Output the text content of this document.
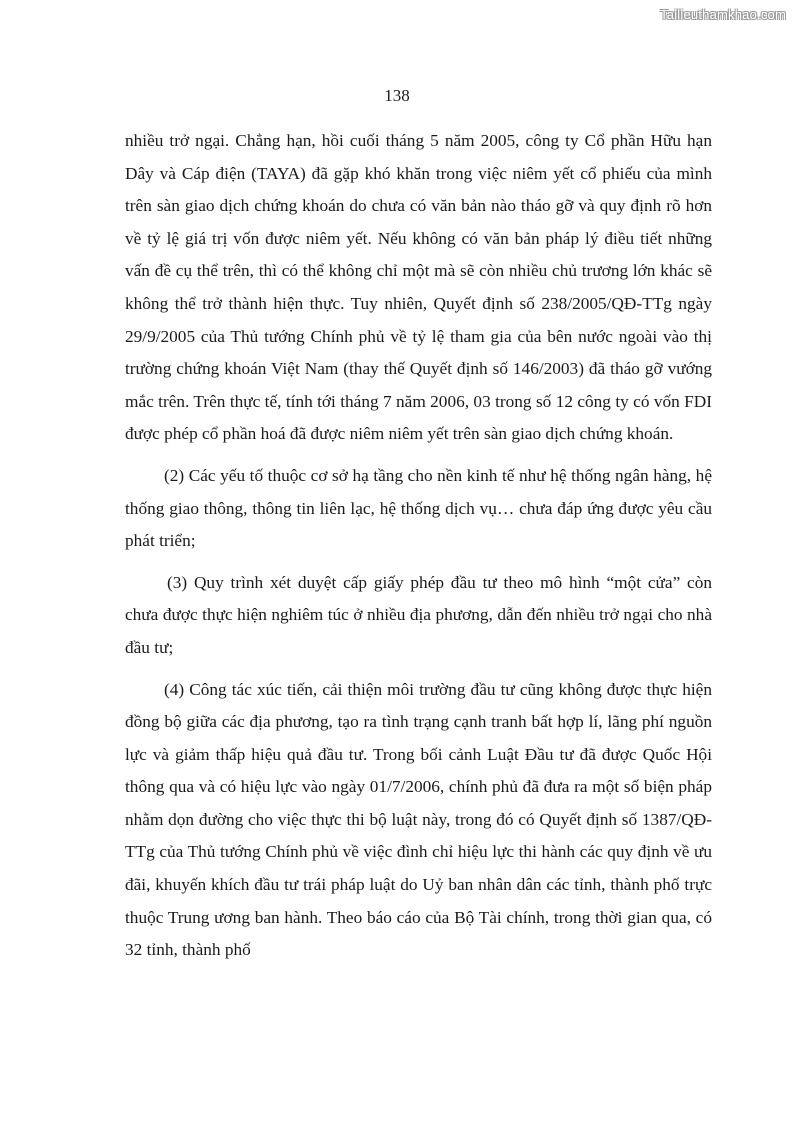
Tailieuthamkhao.com
138

nhiều trở ngại. Chẳng hạn, hồi cuối tháng 5 năm 2005, công ty Cổ phần Hữu hạn Dây và Cáp điện (TAYA) đã gặp khó khăn trong việc niêm yết cổ phiếu của mình trên sàn giao dịch chứng khoán do chưa có văn bản nào tháo gỡ và quy định rõ hơn về tỷ lệ giá trị vốn được niêm yết. Nếu không có văn bản pháp lý điều tiết những vấn đề cụ thể trên, thì có thể không chỉ một mà sẽ còn nhiều chủ trương lớn khác sẽ không thể trở thành hiện thực. Tuy nhiên, Quyết định số 238/2005/QĐ-TTg ngày 29/9/2005 của Thủ tướng Chính phủ về tỷ lệ tham gia của bên nước ngoài vào thị trường chứng khoán Việt Nam (thay thế Quyết định số 146/2003) đã tháo gỡ vướng mắc trên. Trên thực tế, tính tới tháng 7 năm 2006, 03 trong số 12 công ty có vốn FDI được phép cổ phần hoá đã được niêm niêm yết trên sàn giao dịch chứng khoán.

(2) Các yếu tố thuộc cơ sở hạ tầng cho nền kinh tế như hệ thống ngân hàng, hệ thống giao thông, thông tin liên lạc, hệ thống dịch vụ… chưa đáp ứng được yêu cầu phát triển;

(3) Quy trình xét duyệt cấp giấy phép đầu tư theo mô hình “một cửa” còn chưa được thực hiện nghiêm túc ở nhiều địa phương, dẫn đến nhiều trở ngại cho nhà đầu tư;

(4) Công tác xúc tiến, cải thiện môi trường đầu tư cũng không được thực hiện đồng bộ giữa các địa phương, tạo ra tình trạng cạnh tranh bất hợp lí, lãng phí nguồn lực và giảm thấp hiệu quả đầu tư. Trong bối cảnh Luật Đầu tư đã được Quốc Hội thông qua và có hiệu lực vào ngày 01/7/2006, chính phủ đã đưa ra một số biện pháp nhằm dọn đường cho việc thực thi bộ luật này, trong đó có Quyết định số 1387/QĐ-TTg của Thủ tướng Chính phủ về việc đình chỉ hiệu lực thi hành các quy định về ưu đãi, khuyến khích đầu tư trái pháp luật do Uỷ ban nhân dân các tỉnh, thành phố trực thuộc Trung ương ban hành. Theo báo cáo của Bộ Tài chính, trong thời gian qua, có 32 tỉnh, thành phố
